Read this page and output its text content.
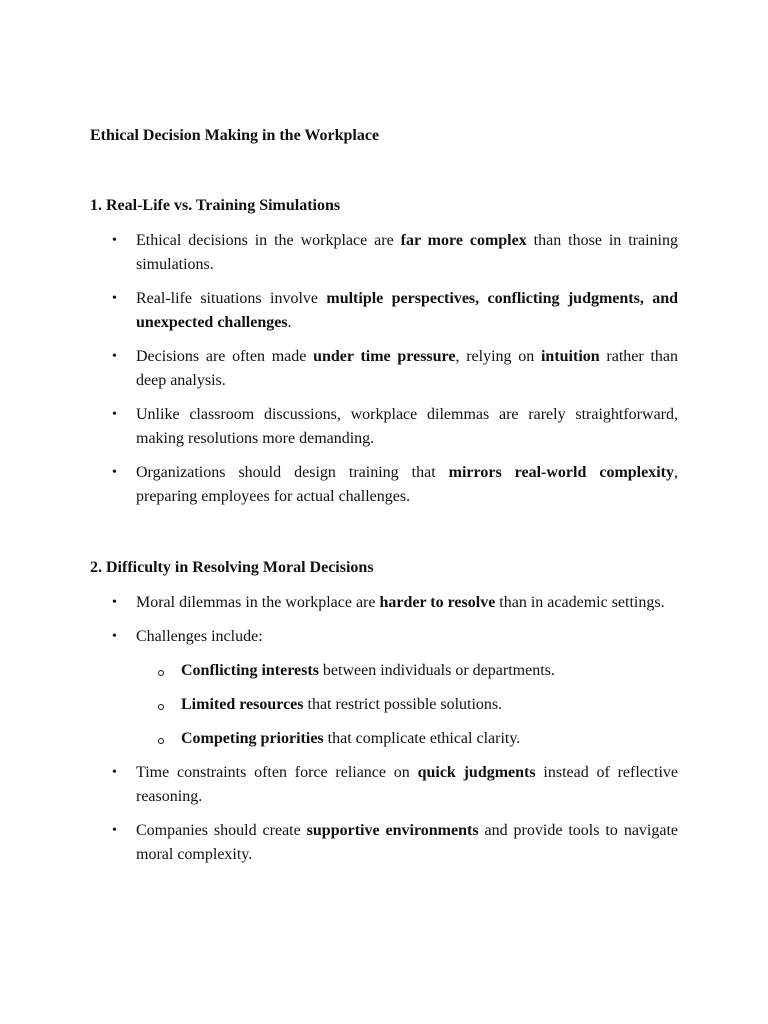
Ethical Decision Making in the Workplace
1. Real-Life vs. Training Simulations
• Ethical decisions in the workplace are far more complex than those in training simulations.
• Real-life situations involve multiple perspectives, conflicting judgments, and unexpected challenges.
• Decisions are often made under time pressure, relying on intuition rather than deep analysis.
• Unlike classroom discussions, workplace dilemmas are rarely straightforward, making resolutions more demanding.
• Organizations should design training that mirrors real-world complexity, preparing employees for actual challenges.
2. Difficulty in Resolving Moral Decisions
• Moral dilemmas in the workplace are harder to resolve than in academic settings.
• Challenges include:
Conflicting interests between individuals or departments.
Limited resources that restrict possible solutions.
Competing priorities that complicate ethical clarity.
• Time constraints often force reliance on quick judgments instead of reflective reasoning.
• Companies should create supportive environments and provide tools to navigate moral complexity.
